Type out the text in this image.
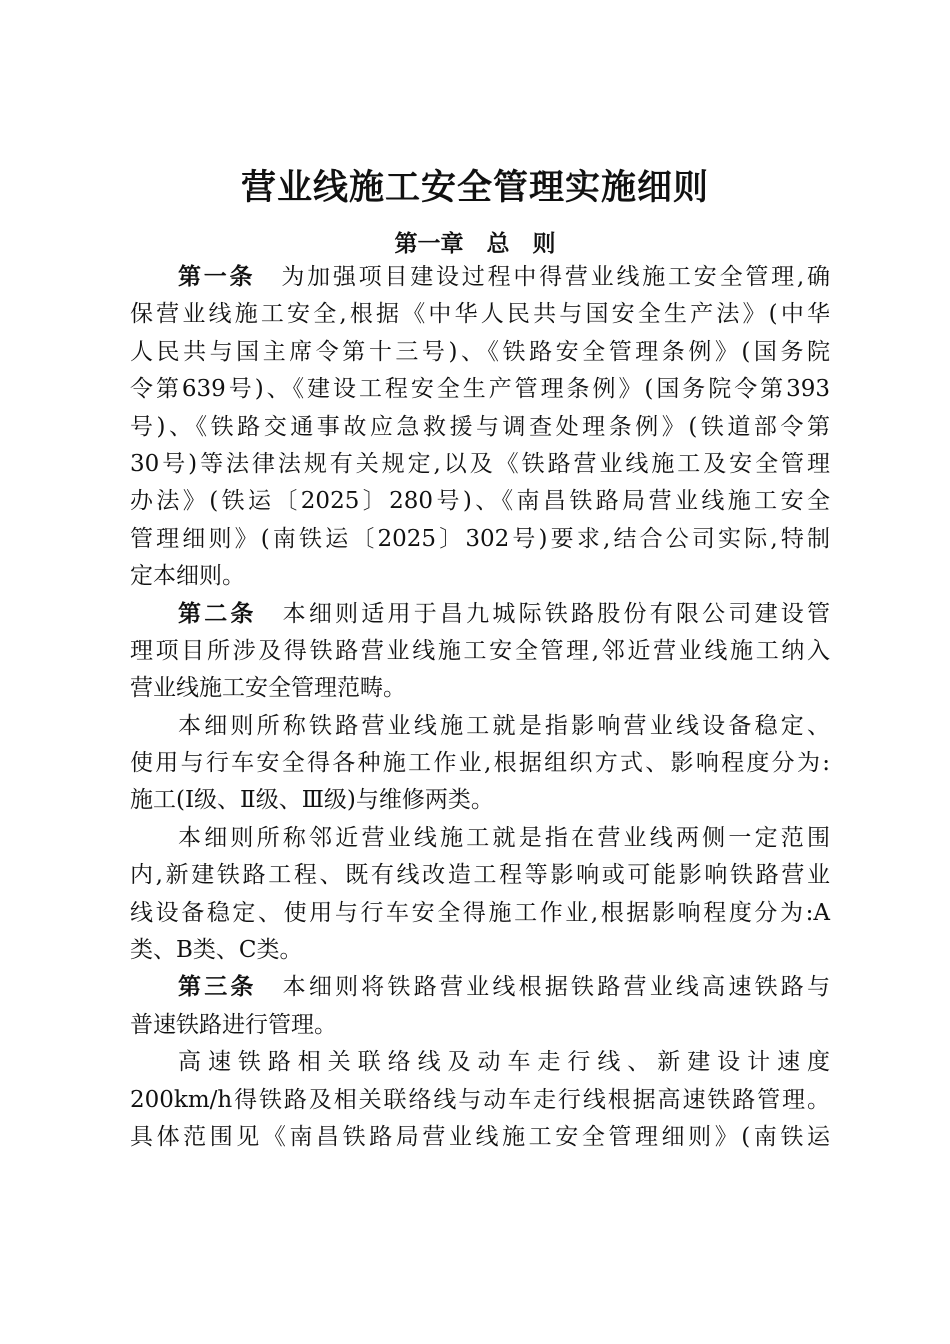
营业线施工安全管理实施细则
第一章　总　则
第一条 为加强项目建设过程中得营业线施工安全管理,确
保营业线施工安全,根据《中华人民共与国安全生产法》(中华
人民共与国主席令第十三号)、《铁路安全管理条例》(国务院
令第639号)、《建设工程安全生产管理条例》(国务院令第393
号)、《铁路交通事故应急救援与调查处理条例》(铁道部令第
30号)等法律法规有关规定,以及《铁路营业线施工及安全管理
办法》(铁运〔2025〕280号)、《南昌铁路局营业线施工安全
管理细则》(南铁运〔2025〕302号)要求,结合公司实际,特制
定本细则。
第二条 本细则适用于昌九城际铁路股份有限公司建设管
理项目所涉及得铁路营业线施工安全管理,邻近营业线施工纳入
营业线施工安全管理范畴。
本细则所称铁路营业线施工就是指影响营业线设备稳定、
使用与行车安全得各种施工作业,根据组织方式、影响程度分为:
施工(Ⅰ级、Ⅱ级、Ⅲ级)与维修两类。
本细则所称邻近营业线施工就是指在营业线两侧一定范围
内,新建铁路工程、既有线改造工程等影响或可能影响铁路营业
线设备稳定、使用与行车安全得施工作业,根据影响程度分为:A
类、B类、C类。
第三条 本细则将铁路营业线根据铁路营业线高速铁路与
普速铁路进行管理。
高速铁路相关联络线及动车走行线、新建设计速度
200km/h得铁路及相关联络线与动车走行线根据高速铁路管理。
具体范围见《南昌铁路局营业线施工安全管理细则》(南铁运
